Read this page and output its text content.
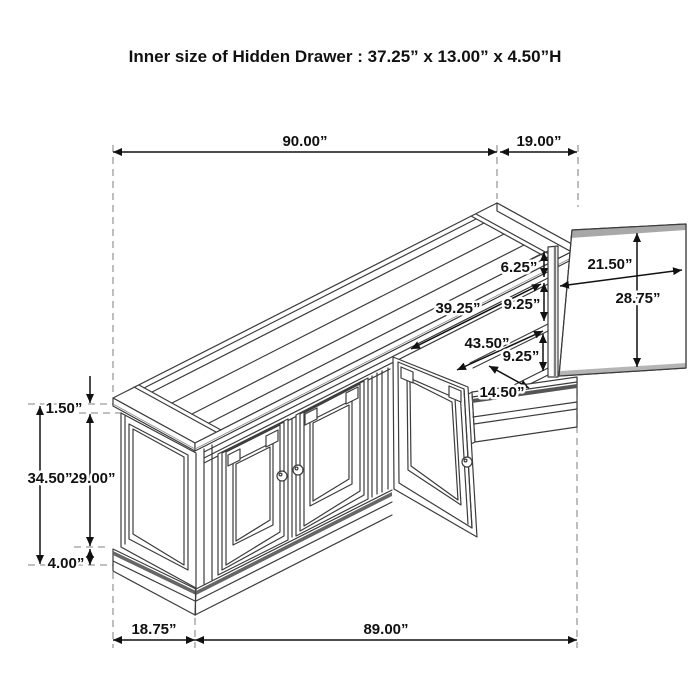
Inner size of Hidden Drawer : 37.25” x 13.00” x 4.50”H
90.00”	19.00”
21.50”
28.75”
6.25”
9.25”
39.25”
9.25”
43.50”
14.50”
1.50”
29.00”
34.50”
4.00”
18.75”	89.00”
